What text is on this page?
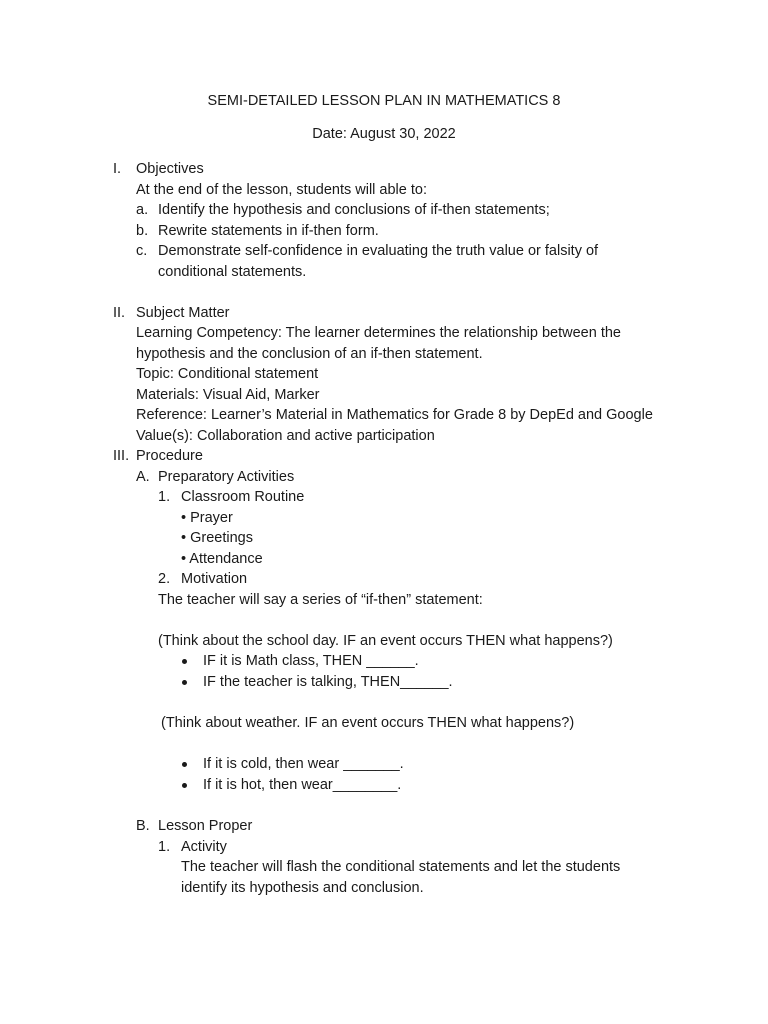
SEMI-DETAILED LESSON PLAN IN MATHEMATICS 8
Date: August 30, 2022
I. Objectives
At the end of the lesson, students will able to:
a. Identify the hypothesis and conclusions of if-then statements;
b. Rewrite statements in if-then form.
c. Demonstrate self-confidence in evaluating the truth value or falsity of
conditional statements.
II. Subject Matter
Learning Competency: The learner determines the relationship between the
hypothesis and the conclusion of an if-then statement.
Topic: Conditional statement
Materials: Visual Aid, Marker
Reference: Learner’s Material in Mathematics for Grade 8 by DepEd and Google
Value(s): Collaboration and active participation
III. Procedure
A. Preparatory Activities
1. Classroom Routine
• Prayer
• Greetings
• Attendance
2. Motivation
The teacher will say a series of “if-then” statement:
(Think about the school day. IF an event occurs THEN what happens?)
IF it is Math class, THEN ______.
IF the teacher is talking, THEN______.
(Think about weather. IF an event occurs THEN what happens?)
If it is cold, then wear _______.
If it is hot, then wear________.
B. Lesson Proper
1. Activity
The teacher will flash the conditional statements and let the students
identify its hypothesis and conclusion.
